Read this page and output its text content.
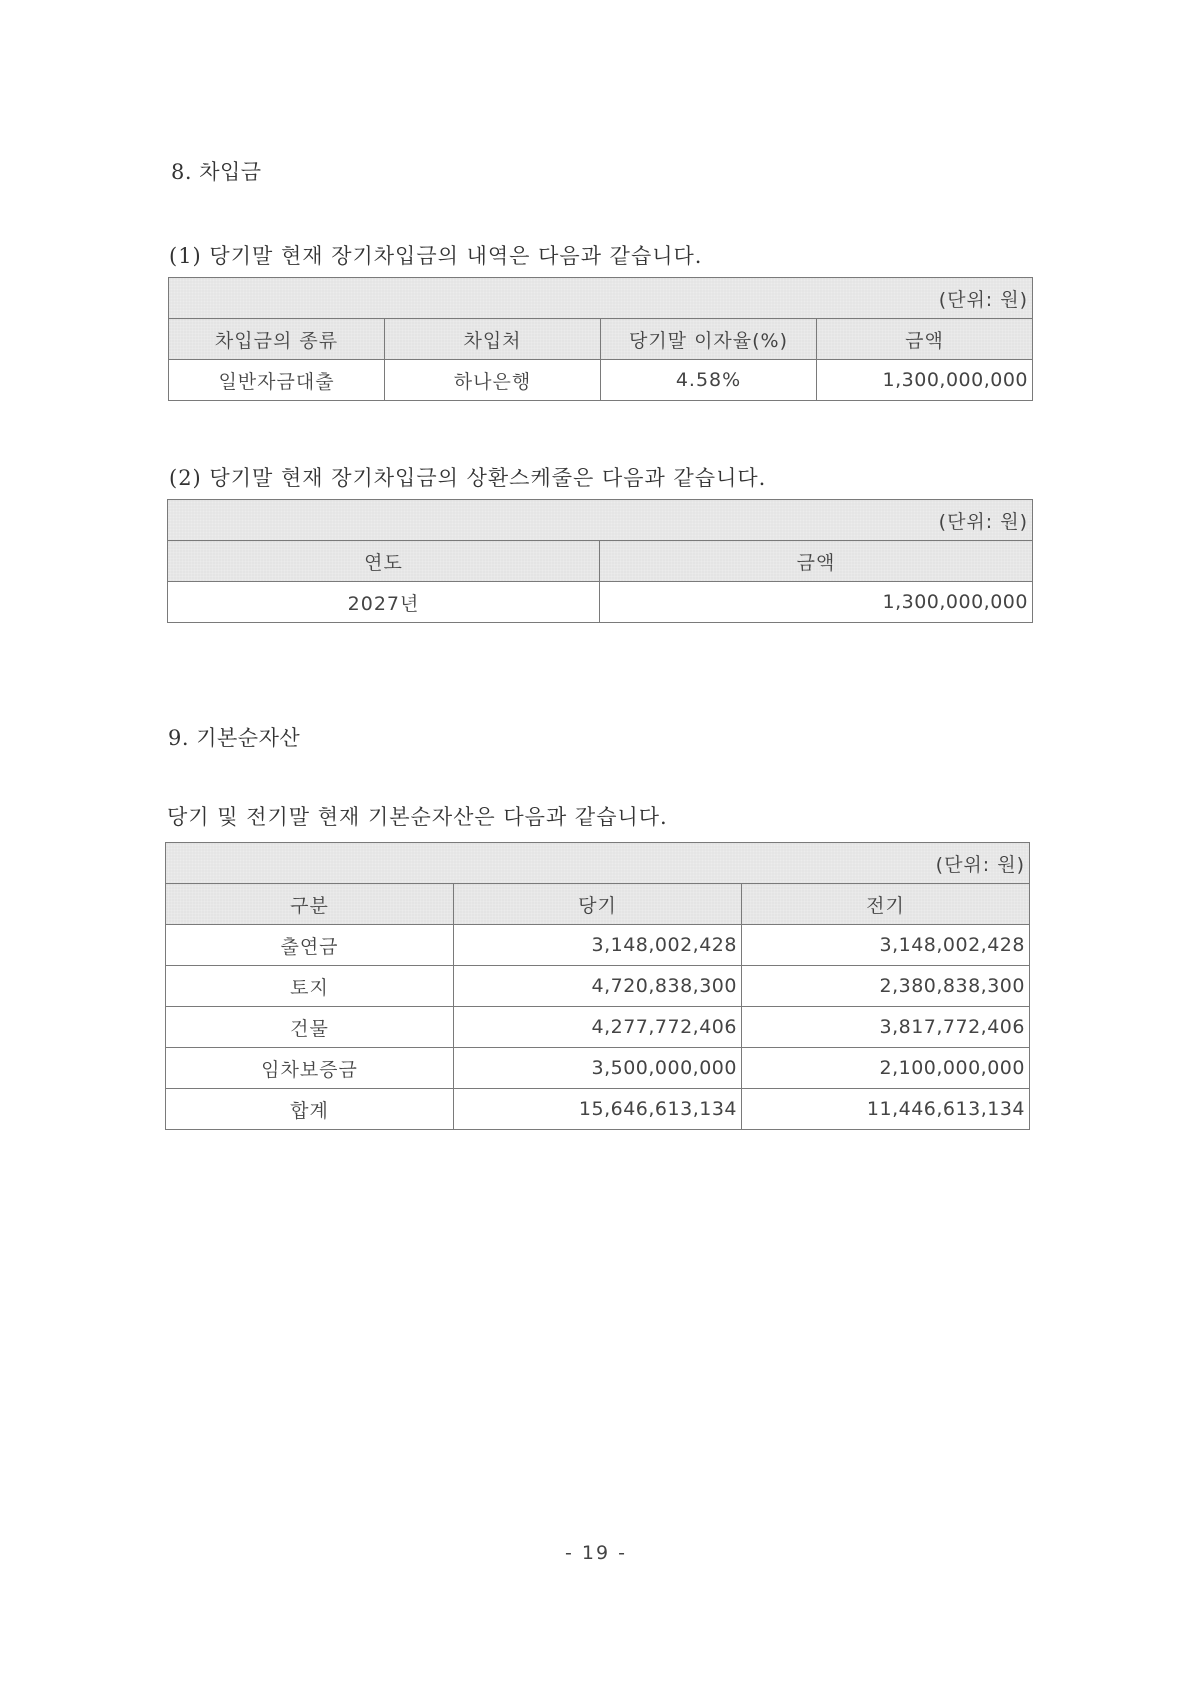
8. 차입금
(1) 당기말 현재 장기차입금의 내역은 다음과 같습니다.
(단위: 원)			
차입금의 종류	차입처	당기말 이자율(%)	금액
일반자금대출	하나은행	4.58%	1,300,000,000
(2) 당기말 현재 장기차입금의 상환스케줄은 다음과 같습니다.
(단위: 원)	
연도	금액
2027년	1,300,000,000
9. 기본순자산
당기 및 전기말 현재 기본순자산은 다음과 같습니다.
(단위: 원)		
구분	당기	전기
출연금	3,148,002,428	3,148,002,428
토지	4,720,838,300	2,380,838,300
건물	4,277,772,406	3,817,772,406
임차보증금	3,500,000,000	2,100,000,000
합계	15,646,613,134	11,446,613,134
- 19 -
